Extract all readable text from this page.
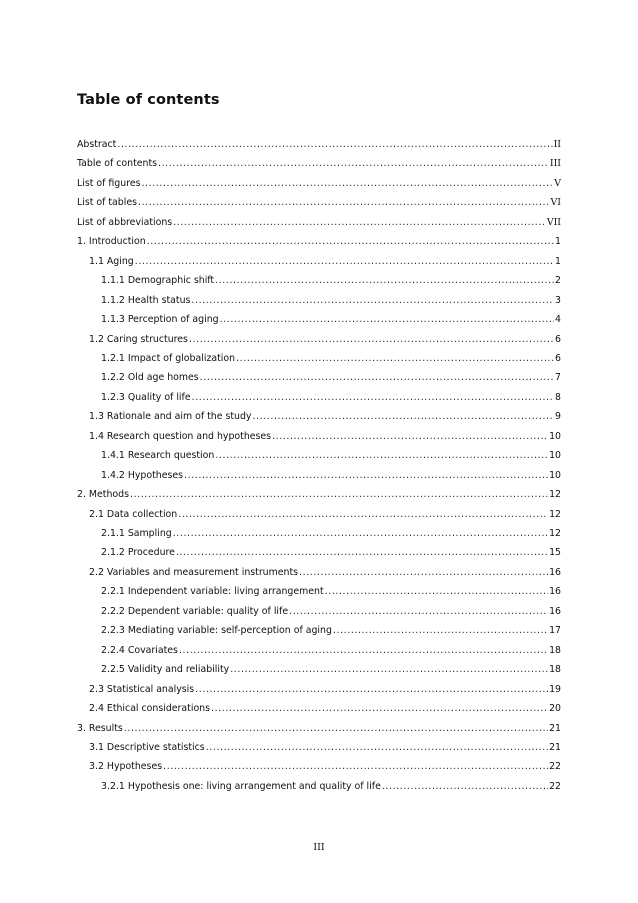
Table of contents
Abstract .....	II
Table of contents .....	III
List of figures .....	V
List of tables .....	VI
List of abbreviations .....	VII
1. Introduction .....	1
1.1 Aging .....	1
1.1.1 Demographic shift .....	2
1.1.2 Health status .....	3
1.1.3 Perception of aging .....	4
1.2 Caring structures .....	6
1.2.1 Impact of globalization .....	6
1.2.2 Old age homes .....	7
1.2.3 Quality of life .....	8
1.3 Rationale and aim of the study .....	9
1.4 Research question and hypotheses .....	10
1.4.1 Research question .....	10
1.4.2 Hypotheses .....	10
2. Methods .....	12
2.1 Data collection .....	12
2.1.1 Sampling .....	12
2.1.2 Procedure .....	15
2.2 Variables and measurement instruments .....	16
2.2.1 Independent variable: living arrangement .....	16
2.2.2 Dependent variable: quality of life .....	16
2.2.3 Mediating variable: self-perception of aging .....	17
2.2.4 Covariates .....	18
2.2.5 Validity and reliability .....	18
2.3 Statistical analysis .....	19
2.4 Ethical considerations .....	20
3. Results .....	21
3.1 Descriptive statistics .....	21
3.2 Hypotheses .....	22
3.2.1 Hypothesis one: living arrangement and quality of life .....	22
III
